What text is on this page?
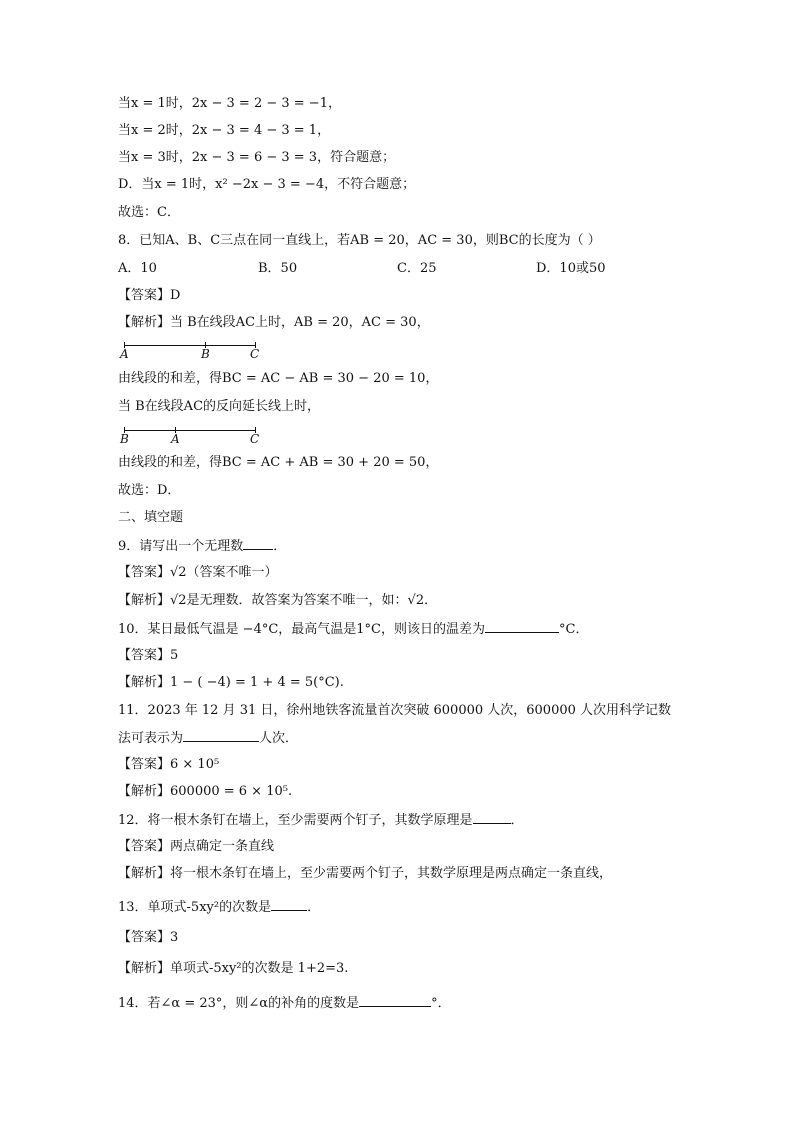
当x = 1时，2x − 3 = 2 − 3 = −1，
当x = 2时，2x − 3 = 4 − 3 = 1，
当x = 3时，2x − 3 = 6 − 3 = 3，符合题意；
D．当x = 1时，x² −2x − 3 = −4，不符合题意；
故选：C．
8．已知A、B、C三点在同一直线上，若AB = 20，AC = 30，则BC的长度为（ ）
A．10	B．50	C．25	D．10或50
【答案】D
【解析】当 B在线段AC上时，AB = 20，AC = 30，
A	B	C
由线段的和差，得BC = AC − AB = 30 − 20 = 10，
当 B在线段AC的反向延长线上时，
B	A	C
由线段的和差，得BC = AC + AB = 30 + 20 = 50，
故选：D．
二、填空题
9．请写出一个无理数 ．
【答案】√2（答案不唯一）
【解析】√2是无理数．故答案为答案不唯一，如：√2．
10．某日最低气温是 −4°C，最高气温是1°C，则该日的温差为	°C．
【答案】5
【解析】1 − ( −4) = 1 + 4 = 5(°C).
11．2023 年 12 月 31 日，徐州地铁客流量首次突破 600000 人次，600000 人次用科学记数
法可表示为	人次．
【答案】6 × 10⁵
【解析】600000 = 6 × 10⁵.
12．将一根木条钉在墙上，至少需要两个钉子，其数学原理是	．
【答案】两点确定一条直线
【解析】将一根木条钉在墙上，至少需要两个钉子，其数学原理是两点确定一条直线，
13．单项式-5xy²的次数是	．
【答案】3
【解析】单项式-5xy²的次数是 1+2=3.
14．若∠α = 23°，则∠α的补角的度数是	°．
